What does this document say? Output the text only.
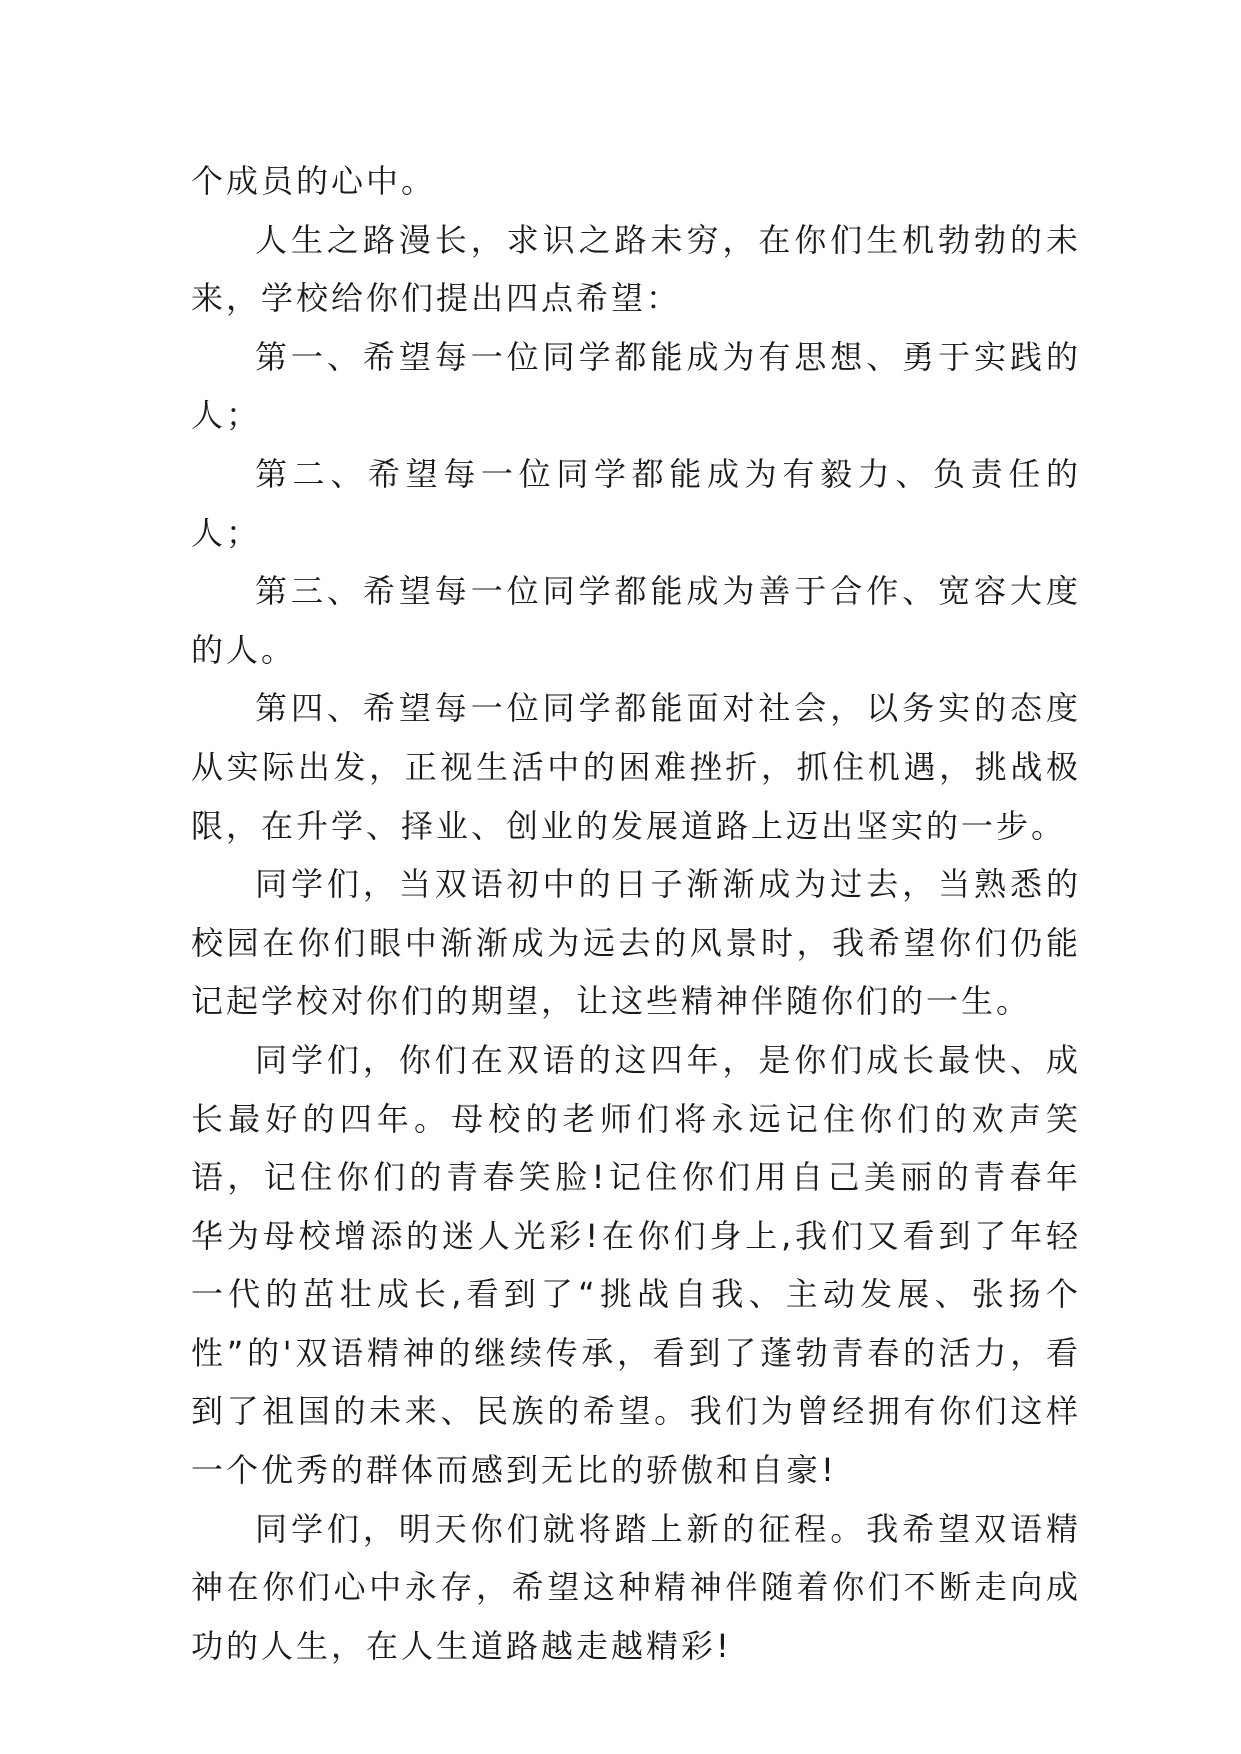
个成员的心中。

人生之路漫长，求识之路未穷，在你们生机勃勃的未来，学校给你们提出四点希望：

第一、希望每一位同学都能成为有思想、勇于实践的人；

第二、希望每一位同学都能成为有毅力、负责任的人；

第三、希望每一位同学都能成为善于合作、宽容大度的人。

第四、希望每一位同学都能面对社会，以务实的态度从实际出发，正视生活中的困难挫折，抓住机遇，挑战极限，在升学、择业、创业的发展道路上迈出坚实的一步。

同学们，当双语初中的日子渐渐成为过去，当熟悉的校园在你们眼中渐渐成为远去的风景时，我希望你们仍能记起学校对你们的期望，让这些精神伴随你们的一生。

同学们，你们在双语的这四年，是你们成长最快、成长最好的四年。母校的老师们将永远记住你们的欢声笑语，记住你们的青春笑脸!记住你们用自己美丽的青春年华为母校增添的迷人光彩!在你们身上,我们又看到了年轻一代的茁壮成长,看到了“挑战自我、主动发展、张扬个性”的'双语精神的继续传承，看到了蓬勃青春的活力，看到了祖国的未来、民族的希望。我们为曾经拥有你们这样一个优秀的群体而感到无比的骄傲和自豪!

同学们，明天你们就将踏上新的征程。我希望双语精神在你们心中永存，希望这种精神伴随着你们不断走向成功的人生，在人生道路越走越精彩!
